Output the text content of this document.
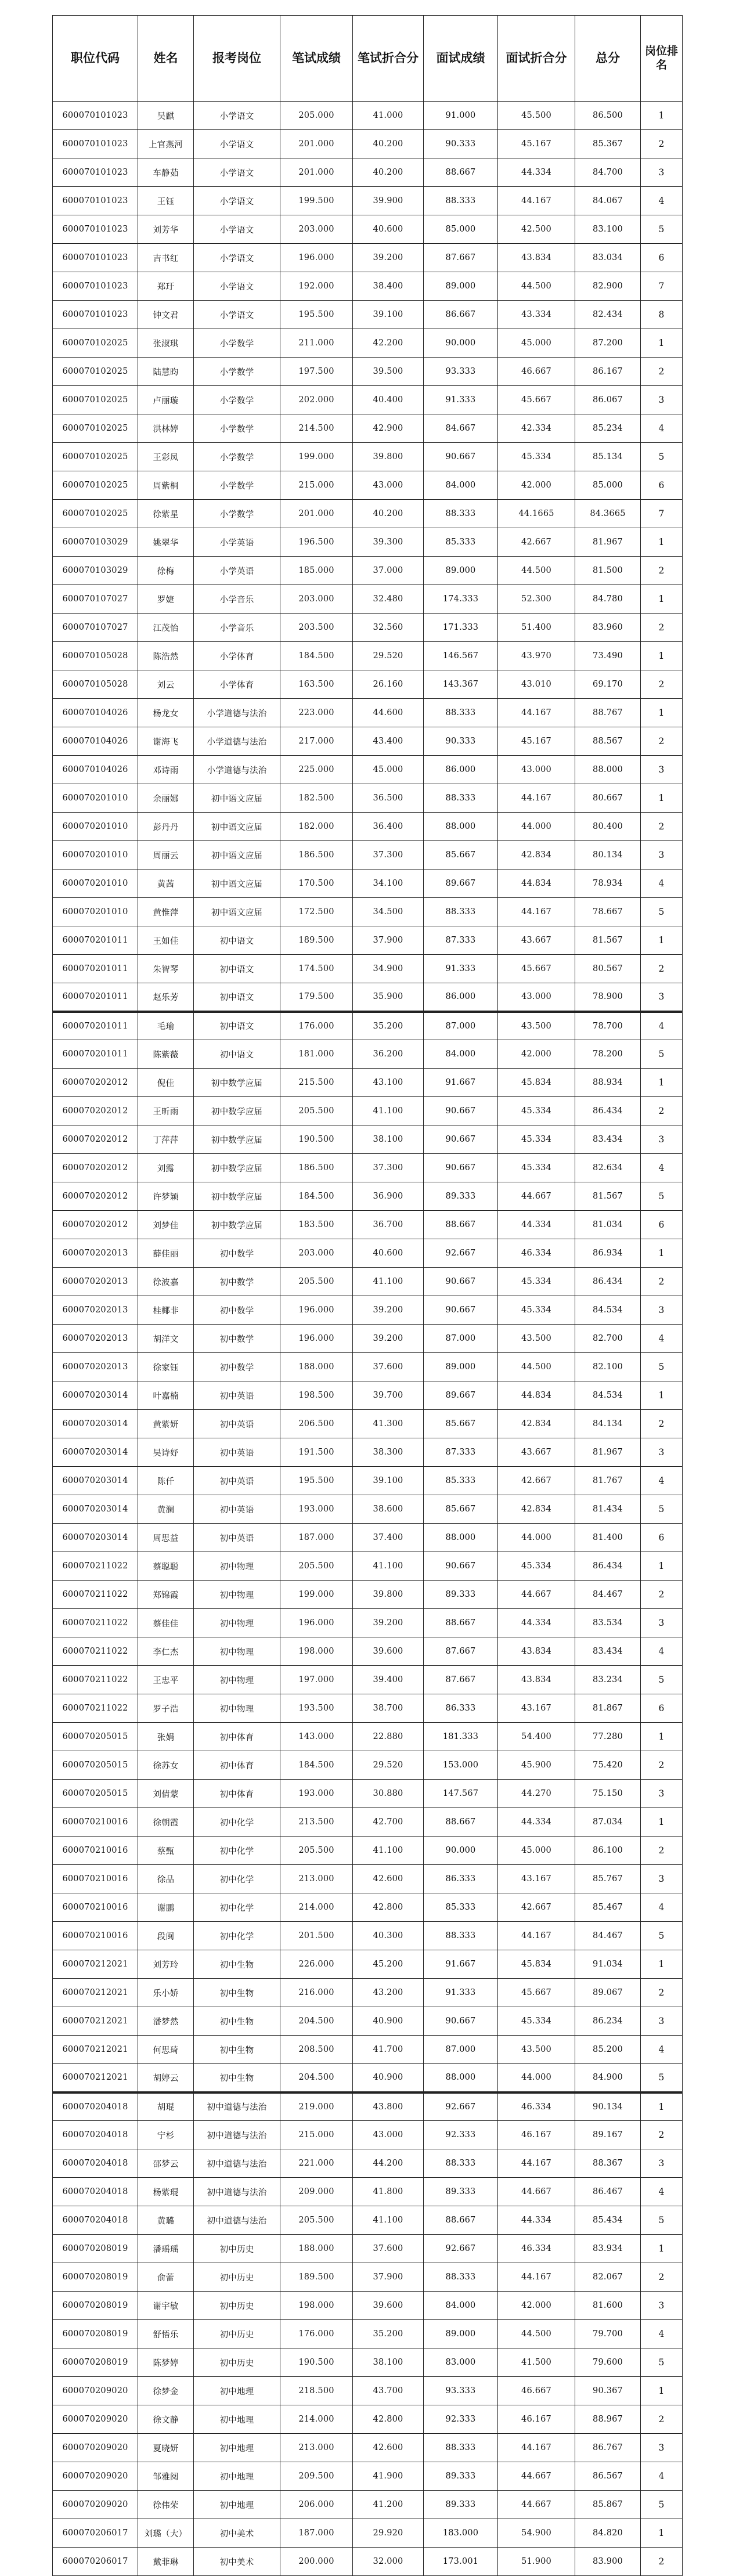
职位代码	姓名	报考岗位	笔试成绩	笔试折合分	面试成绩	面试折合分	总分	岗位排名
600070101023	吴麒	小学语文	205.000	41.000	91.000	45.500	86.500	1
600070101023	上官燕河	小学语文	201.000	40.200	90.333	45.167	85.367	2
600070101023	车静茹	小学语文	201.000	40.200	88.667	44.334	84.700	3
600070101023	王钰	小学语文	199.500	39.900	88.333	44.167	84.067	4
600070101023	刘芳华	小学语文	203.000	40.600	85.000	42.500	83.100	5
600070101023	吉书红	小学语文	196.000	39.200	87.667	43.834	83.034	6
600070101023	郑玗	小学语文	192.000	38.400	89.000	44.500	82.900	7
600070101023	钟文君	小学语文	195.500	39.100	86.667	43.334	82.434	8
600070102025	张淑琪	小学数学	211.000	42.200	90.000	45.000	87.200	1
600070102025	陆慧昀	小学数学	197.500	39.500	93.333	46.667	86.167	2
600070102025	卢丽璇	小学数学	202.000	40.400	91.333	45.667	86.067	3
600070102025	洪林婷	小学数学	214.500	42.900	84.667	42.334	85.234	4
600070102025	王彩凤	小学数学	199.000	39.800	90.667	45.334	85.134	5
600070102025	周紫桐	小学数学	215.000	43.000	84.000	42.000	85.000	6
600070102025	徐紫星	小学数学	201.000	40.200	88.333	44.1665	84.3665	7
600070103029	姚翠华	小学英语	196.500	39.300	85.333	42.667	81.967	1
600070103029	徐梅	小学英语	185.000	37.000	89.000	44.500	81.500	2
600070107027	罗婕	小学音乐	203.000	32.480	174.333	52.300	84.780	1
600070107027	江茂怡	小学音乐	203.500	32.560	171.333	51.400	83.960	2
600070105028	陈浩然	小学体育	184.500	29.520	146.567	43.970	73.490	1
600070105028	刘云	小学体育	163.500	26.160	143.367	43.010	69.170	2
600070104026	杨龙女	小学道德与法治	223.000	44.600	88.333	44.167	88.767	1
600070104026	谢海飞	小学道德与法治	217.000	43.400	90.333	45.167	88.567	2
600070104026	邓诗雨	小学道德与法治	225.000	45.000	86.000	43.000	88.000	3
600070201010	余丽娜	初中语文应届	182.500	36.500	88.333	44.167	80.667	1
600070201010	彭丹丹	初中语文应届	182.000	36.400	88.000	44.000	80.400	2
600070201010	周丽云	初中语文应届	186.500	37.300	85.667	42.834	80.134	3
600070201010	黄茜	初中语文应届	170.500	34.100	89.667	44.834	78.934	4
600070201010	黄惟萍	初中语文应届	172.500	34.500	88.333	44.167	78.667	5
600070201011	王如佳	初中语文	189.500	37.900	87.333	43.667	81.567	1
600070201011	朱智琴	初中语文	174.500	34.900	91.333	45.667	80.567	2
600070201011	赵乐芳	初中语文	179.500	35.900	86.000	43.000	78.900	3
600070201011	毛瑜	初中语文	176.000	35.200	87.000	43.500	78.700	4
600070201011	陈紫薇	初中语文	181.000	36.200	84.000	42.000	78.200	5
600070202012	倪佳	初中数学应届	215.500	43.100	91.667	45.834	88.934	1
600070202012	王昕雨	初中数学应届	205.500	41.100	90.667	45.334	86.434	2
600070202012	丁萍萍	初中数学应届	190.500	38.100	90.667	45.334	83.434	3
600070202012	刘露	初中数学应届	186.500	37.300	90.667	45.334	82.634	4
600070202012	许梦颖	初中数学应届	184.500	36.900	89.333	44.667	81.567	5
600070202012	刘梦佳	初中数学应届	183.500	36.700	88.667	44.334	81.034	6
600070202013	薛佳丽	初中数学	203.000	40.600	92.667	46.334	86.934	1
600070202013	徐波嘉	初中数学	205.500	41.100	90.667	45.334	86.434	2
600070202013	桂椰非	初中数学	196.000	39.200	90.667	45.334	84.534	3
600070202013	胡洋文	初中数学	196.000	39.200	87.000	43.500	82.700	4
600070202013	徐家钰	初中数学	188.000	37.600	89.000	44.500	82.100	5
600070203014	叶嘉楠	初中英语	198.500	39.700	89.667	44.834	84.534	1
600070203014	黄紫妍	初中英语	206.500	41.300	85.667	42.834	84.134	2
600070203014	吴诗妤	初中英语	191.500	38.300	87.333	43.667	81.967	3
600070203014	陈仟	初中英语	195.500	39.100	85.333	42.667	81.767	4
600070203014	黄澜	初中英语	193.000	38.600	85.667	42.834	81.434	5
600070203014	周思益	初中英语	187.000	37.400	88.000	44.000	81.400	6
600070211022	蔡聪聪	初中物理	205.500	41.100	90.667	45.334	86.434	1
600070211022	郑锦霞	初中物理	199.000	39.800	89.333	44.667	84.467	2
600070211022	蔡佳佳	初中物理	196.000	39.200	88.667	44.334	83.534	3
600070211022	李仁杰	初中物理	198.000	39.600	87.667	43.834	83.434	4
600070211022	王忠平	初中物理	197.000	39.400	87.667	43.834	83.234	5
600070211022	罗子浩	初中物理	193.500	38.700	86.333	43.167	81.867	6
600070205015	张娟	初中体育	143.000	22.880	181.333	54.400	77.280	1
600070205015	徐苏女	初中体育	184.500	29.520	153.000	45.900	75.420	2
600070205015	刘倩蒙	初中体育	193.000	30.880	147.567	44.270	75.150	3
600070210016	徐朝霞	初中化学	213.500	42.700	88.667	44.334	87.034	1
600070210016	蔡甄	初中化学	205.500	41.100	90.000	45.000	86.100	2
600070210016	徐品	初中化学	213.000	42.600	86.333	43.167	85.767	3
600070210016	谢鹏	初中化学	214.000	42.800	85.333	42.667	85.467	4
600070210016	段闽	初中化学	201.500	40.300	88.333	44.167	84.467	5
600070212021	刘芳玲	初中生物	226.000	45.200	91.667	45.834	91.034	1
600070212021	乐小娇	初中生物	216.000	43.200	91.333	45.667	89.067	2
600070212021	潘梦然	初中生物	204.500	40.900	90.667	45.334	86.234	3
600070212021	何思琦	初中生物	208.500	41.700	87.000	43.500	85.200	4
600070212021	胡婷云	初中生物	204.500	40.900	88.000	44.000	84.900	5
600070204018	胡琨	初中道德与法治	219.000	43.800	92.667	46.334	90.134	1
600070204018	宁杉	初中道德与法治	215.000	43.000	92.333	46.167	89.167	2
600070204018	邵梦云	初中道德与法治	221.000	44.200	88.333	44.167	88.367	3
600070204018	杨紫琨	初中道德与法治	209.000	41.800	89.333	44.667	86.467	4
600070204018	黄璐	初中道德与法治	205.500	41.100	88.667	44.334	85.434	5
600070208019	潘瑶瑶	初中历史	188.000	37.600	92.667	46.334	83.934	1
600070208019	俞蕾	初中历史	189.500	37.900	88.333	44.167	82.067	2
600070208019	谢宇敏	初中历史	198.000	39.600	84.000	42.000	81.600	3
600070208019	舒悟乐	初中历史	176.000	35.200	89.000	44.500	79.700	4
600070208019	陈梦婷	初中历史	190.500	38.100	83.000	41.500	79.600	5
600070209020	徐梦金	初中地理	218.500	43.700	93.333	46.667	90.367	1
600070209020	徐文静	初中地理	214.000	42.800	92.333	46.167	88.967	2
600070209020	夏晓妍	初中地理	213.000	42.600	88.333	44.167	86.767	3
600070209020	邹雅阅	初中地理	209.500	41.900	89.333	44.667	86.567	4
600070209020	徐伟荣	初中地理	206.000	41.200	89.333	44.667	85.867	5
600070206017	刘璐（大）	初中美术	187.000	29.920	183.000	54.900	84.820	1
600070206017	戴菲琳	初中美术	200.000	32.000	173.001	51.900	83.900	2
